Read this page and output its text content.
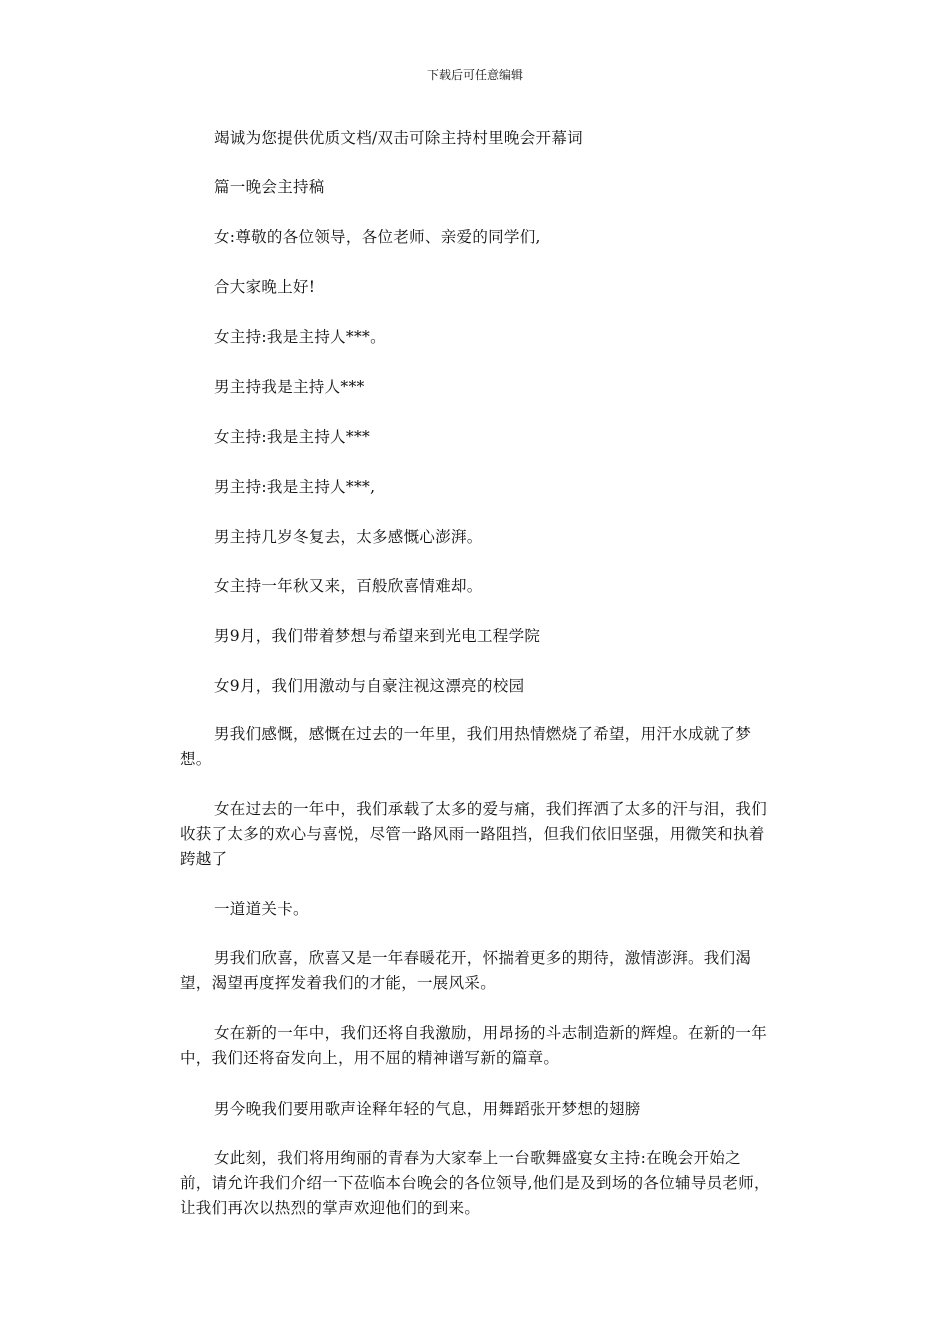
下载后可任意编辑

竭诚为您提供优质文档/双击可除主持村里晚会开幕词

篇一晚会主持稿

女:尊敬的各位领导，各位老师、亲爱的同学们,

合大家晚上好!

女主持:我是主持人***。

男主持我是主持人***

女主持:我是主持人***

男主持:我是主持人***,

男主持几岁冬复去，太多感慨心澎湃。

女主持一年秋又来，百般欣喜情难却。

男9月，我们带着梦想与希望来到光电工程学院

女9月，我们用激动与自豪注视这漂亮的校园

男我们感慨，感慨在过去的一年里，我们用热情燃烧了希望，用汗水成就了梦想。

女在过去的一年中，我们承载了太多的爱与痛，我们挥洒了太多的汗与泪，我们收获了太多的欢心与喜悦，尽管一路风雨一路阻挡，但我们依旧坚强，用微笑和执着跨越了

一道道关卡。

男我们欣喜，欣喜又是一年春暖花开，怀揣着更多的期待，激情澎湃。我们渴望，渴望再度挥发着我们的才能，一展风采。

女在新的一年中，我们还将自我激励，用昂扬的斗志制造新的辉煌。在新的一年中，我们还将奋发向上，用不屈的精神谱写新的篇章。

男今晚我们要用歌声诠释年轻的气息，用舞蹈张开梦想的翅膀

女此刻，我们将用绚丽的青春为大家奉上一台歌舞盛宴女主持:在晚会开始之前，请允许我们介绍一下莅临本台晚会的各位领导,他们是及到场的各位辅导员老师，让我们再次以热烈的掌声欢迎他们的到来。
